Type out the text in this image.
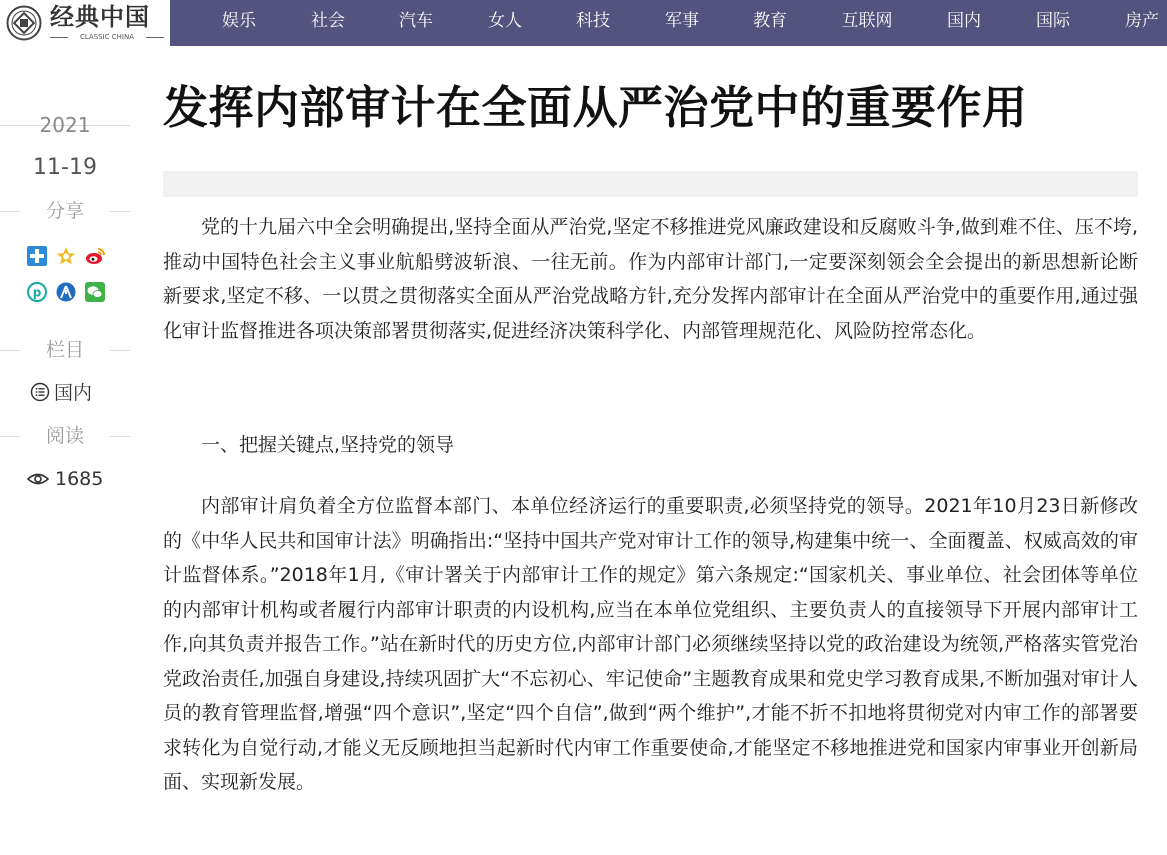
经典中国
CLASSIC CHINA
娱乐	社会	汽车	女人	科技	军事	教育	互联网	国内	国际	房产
2021
11-19
分享
p
栏目
国内
阅读
1685
发挥内部审计在全面从严治党中的重要作用

党的十九届六中全会明确提出,坚持全面从严治党,坚定不移推进党风廉政建设和反腐败斗争,做到难不住、压不垮,推动中国特色社会主义事业航船劈波斩浪、一往无前。作为内部审计部门,一定要深刻领会全会提出的新思想新论断新要求,坚定不移、一以贯之贯彻落实全面从严治党战略方针,充分发挥内部审计在全面从严治党中的重要作用,通过强化审计监督推进各项决策部署贯彻落实,促进经济决策科学化、内部管理规范化、风险防控常态化。

一、把握关键点,坚持党的领导

内部审计肩负着全方位监督本部门、本单位经济运行的重要职责,必须坚持党的领导。2021年10月23日新修改的《中华人民共和国审计法》明确指出:“坚持中国共产党对审计工作的领导,构建集中统一、全面覆盖、权威高效的审计监督体系。”2018年1月,《审计署关于内部审计工作的规定》第六条规定:“国家机关、事业单位、社会团体等单位的内部审计机构或者履行内部审计职责的内设机构,应当在本单位党组织、主要负责人的直接领导下开展内部审计工作,向其负责并报告工作。”站在新时代的历史方位,内部审计部门必须继续坚持以党的政治建设为统领,严格落实管党治党政治责任,加强自身建设,持续巩固扩大“不忘初心、牢记使命”主题教育成果和党史学习教育成果,不断加强对审计人员的教育管理监督,增强“四个意识”,坚定“四个自信”,做到“两个维护”,才能不折不扣地将贯彻党对内审工作的部署要求转化为自觉行动,才能义无反顾地担当起新时代内审工作重要使命,才能坚定不移地推进党和国家内审事业开创新局面、实现新发展。
